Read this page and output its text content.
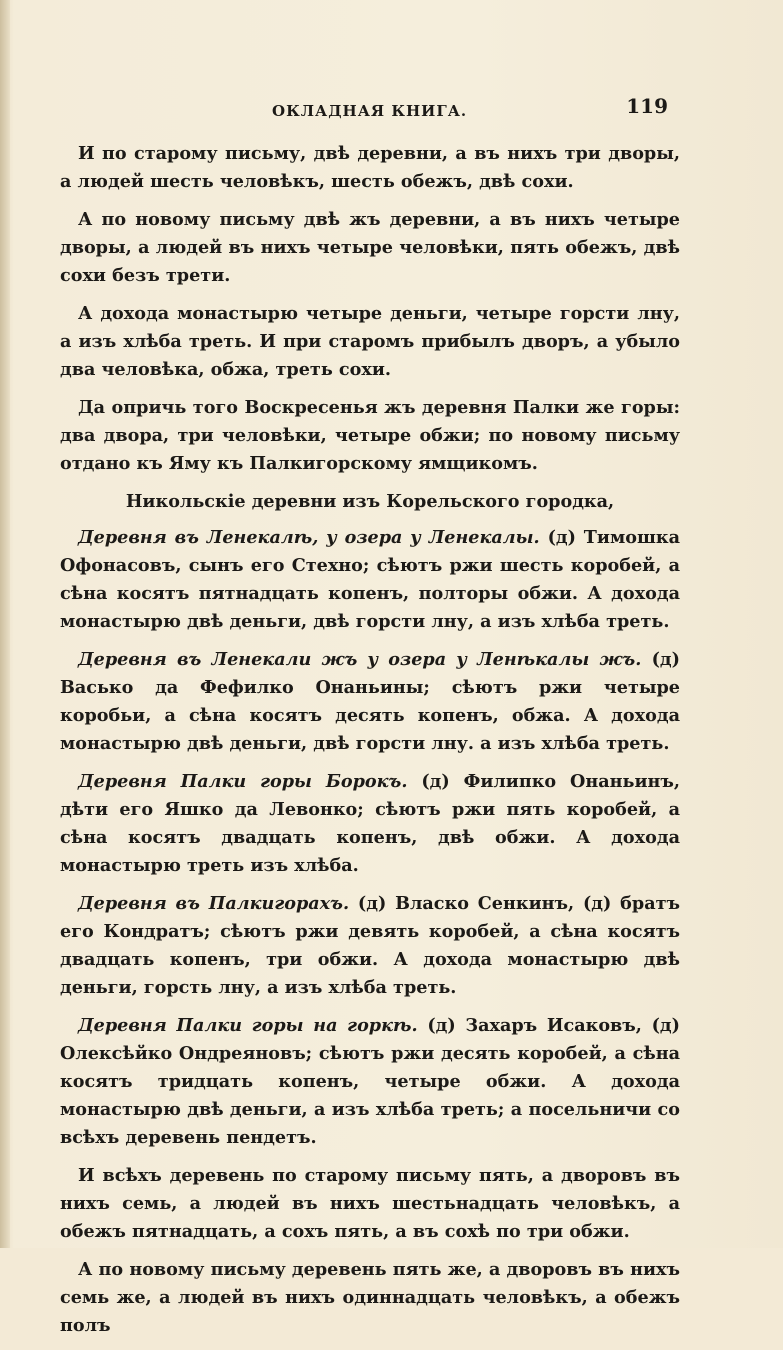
ОКЛАДНАЯ КНИГА.	119

И по старому письму, двѣ деревни, а въ нихъ три дворы, а людей шесть человѣкъ, шесть обежъ, двѣ сохи.

А по новому письму двѣ жъ деревни, а въ нихъ четыре дворы, а людей въ нихъ четыре человѣки, пять обежъ, двѣ сохи безъ трети.

А дохода монастырю четыре деньги, четыре горсти лну, а изъ хлѣба треть. И при старомъ прибылъ дворъ, а убыло два человѣка, обжа, треть сохи.

Да опричь того Воскресенья жъ деревня Палки же горы: два двора, три человѣки, четыре обжи; по новому письму отдано къ Яму къ Палкигорскому ямщикомъ.

Никольскіе деревни изъ Корельского городка,

Деревня въ Ленекалѣ, у озера у Ленекалы. (д) Тимошка Офонасовъ, сынъ его Стехно; сѣютъ ржи шесть коробей, а сѣна косятъ пятнадцать копенъ, полторы обжи. А дохода монастырю двѣ деньги, двѣ горсти лну, а изъ хлѣба треть.

Деревня въ Ленекали жъ у озера у Ленѣкалы жъ. (д) Васько да Фефилко Онаньины; сѣютъ ржи четыре коробьи, а сѣна косятъ десять копенъ, обжа. А дохода монастырю двѣ деньги, двѣ горсти лну. а изъ хлѣба треть.

Деревня Палки горы Борокъ. (д) Филипко Онаньинъ, дѣти его Яшко да Левонко; сѣютъ ржи пять коробей, а сѣна косятъ двадцать копенъ, двѣ обжи. А дохода монастырю треть изъ хлѣба.

Деревня въ Палкигорахъ. (д) Власко Сенкинъ, (д) братъ его Кондратъ; сѣютъ ржи девять коробей, а сѣна косятъ двадцать копенъ, три обжи. А дохода монастырю двѣ деньги, горсть лну, а изъ хлѣба треть.

Деревня Палки горы на горкѣ. (д) Захаръ Исаковъ, (д) Олексѣйко Ондреяновъ; сѣютъ ржи десять коробей, а сѣна косятъ тридцать копенъ, четыре обжи. А дохода монастырю двѣ деньги, а изъ хлѣба треть; а посельничи со всѣхъ деревень пендетъ.

И всѣхъ деревень по старому письму пять, а дворовъ въ нихъ семь, а людей въ нихъ шестьнадцать человѣкъ, а обежъ пятнадцать, а сохъ пять, а въ сохѣ по три обжи.

А по новому письму деревень пять же, а дворовъ въ нихъ семь же, а людей въ нихъ одиннадцать человѣкъ, а обежъ полъ
